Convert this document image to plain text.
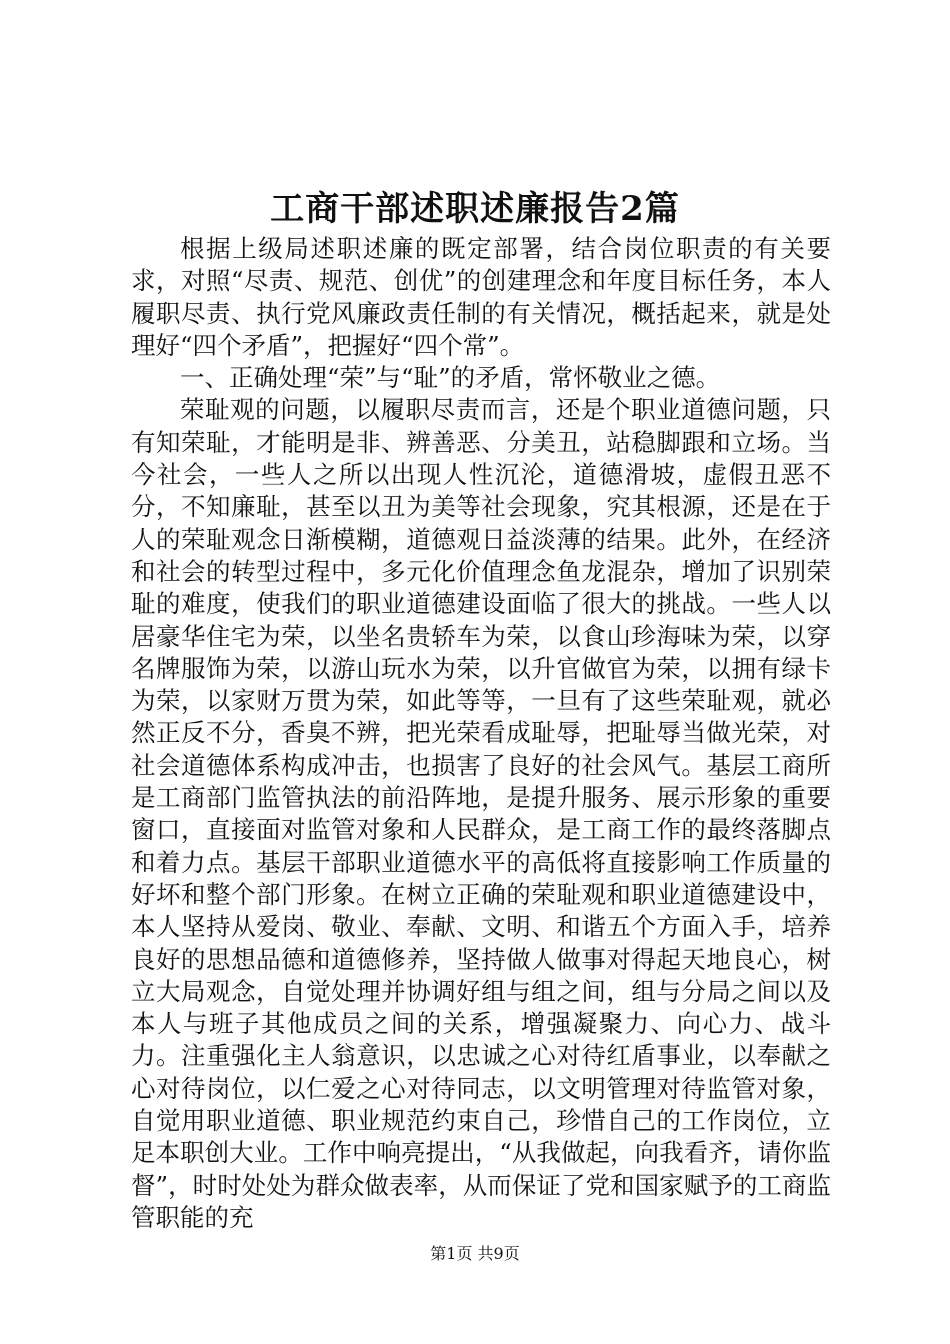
工商干部述职述廉报告2篇

根据上级局述职述廉的既定部署，结合岗位职责的有关要求，对照“尽责、规范、创优”的创建理念和年度目标任务，本人履职尽责、执行党风廉政责任制的有关情况，概括起来，就是处理好“四个矛盾”，把握好“四个常”。

一、正确处理“荣”与“耻”的矛盾，常怀敬业之德。

荣耻观的问题，以履职尽责而言，还是个职业道德问题，只有知荣耻，才能明是非、辨善恶、分美丑，站稳脚跟和立场。当今社会，一些人之所以出现人性沉沦，道德滑坡，虚假丑恶不分，不知廉耻，甚至以丑为美等社会现象，究其根源，还是在于人的荣耻观念日渐模糊，道德观日益淡薄的结果。此外，在经济和社会的转型过程中，多元化价值理念鱼龙混杂，增加了识别荣耻的难度，使我们的职业道德建设面临了很大的挑战。一些人以居豪华住宅为荣，以坐名贵轿车为荣，以食山珍海味为荣，以穿名牌服饰为荣，以游山玩水为荣，以升官做官为荣，以拥有绿卡为荣，以家财万贯为荣，如此等等，一旦有了这些荣耻观，就必然正反不分，香臭不辨，把光荣看成耻辱，把耻辱当做光荣，对社会道德体系构成冲击，也损害了良好的社会风气。基层工商所是工商部门监管执法的前沿阵地，是提升服务、展示形象的重要窗口，直接面对监管对象和人民群众，是工商工作的最终落脚点和着力点。基层干部职业道德水平的高低将直接影响工作质量的好坏和整个部门形象。在树立正确的荣耻观和职业道德建设中，本人坚持从爱岗、敬业、奉献、文明、和谐五个方面入手，培养良好的思想品德和道德修养，坚持做人做事对得起天地良心，树立大局观念，自觉处理并协调好组与组之间，组与分局之间以及本人与班子其他成员之间的关系，增强凝聚力、向心力、战斗力。注重强化主人翁意识，以忠诚之心对待红盾事业，以奉献之心对待岗位，以仁爱之心对待同志，以文明管理对待监管对象，自觉用职业道德、职业规范约束自己，珍惜自己的工作岗位，立足本职创大业。工作中响亮提出，“从我做起，向我看齐，请你监督”，时时处处为群众做表率，从而保证了党和国家赋予的工商监管职能的充

第1页 共9页
